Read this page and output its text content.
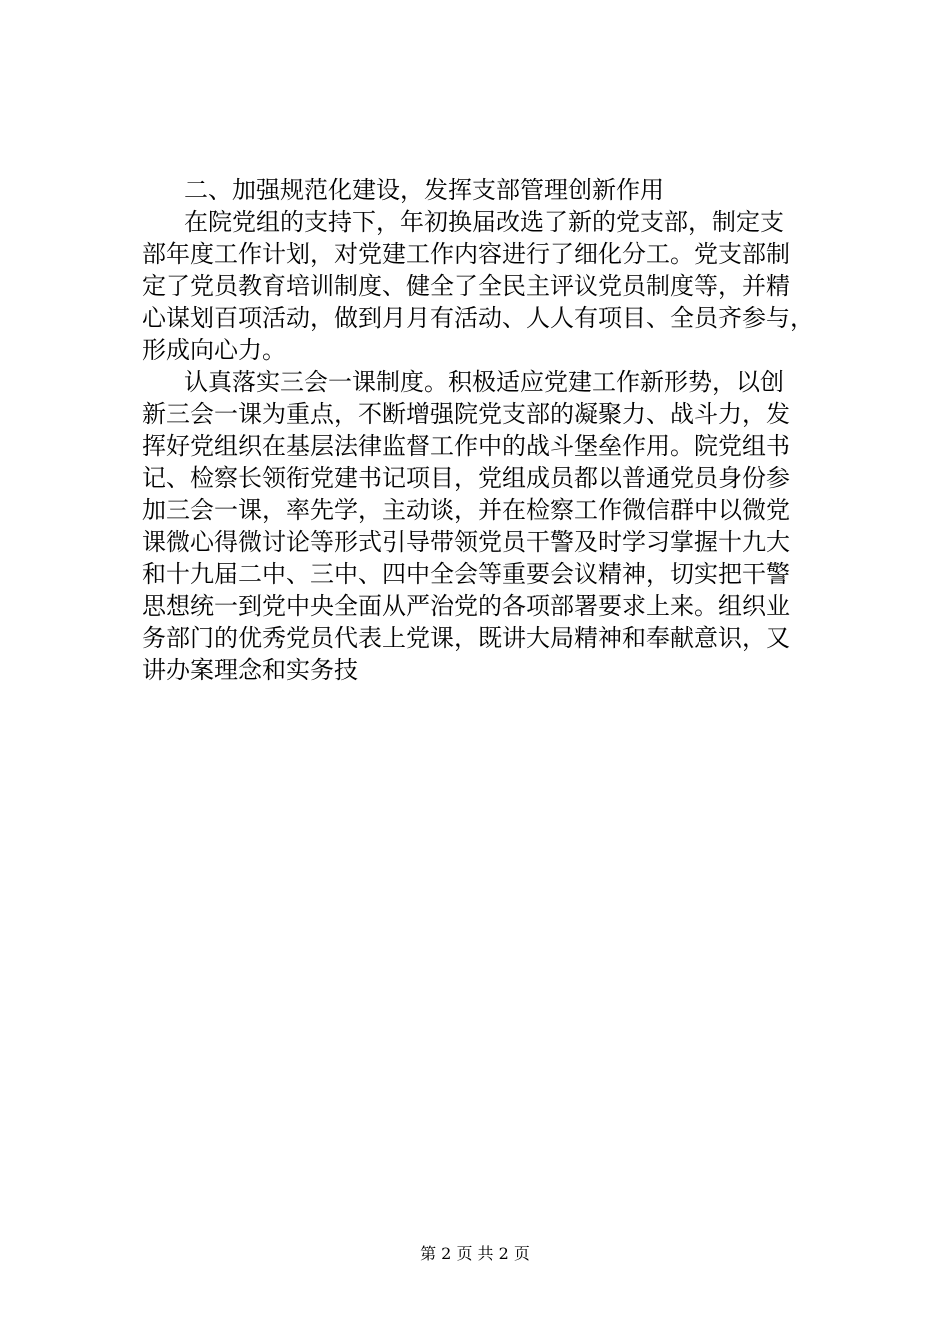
二、加强规范化建设，发挥支部管理创新作用
在院党组的支持下，年初换届改选了新的党支部，制定支
部年度工作计划，对党建工作内容进行了细化分工。党支部制
定了党员教育培训制度、健全了全民主评议党员制度等，并精
心谋划百项活动，做到月月有活动、人人有项目、全员齐参与，
形成向心力。
认真落实三会一课制度。积极适应党建工作新形势，以创
新三会一课为重点，不断增强院党支部的凝聚力、战斗力，发
挥好党组织在基层法律监督工作中的战斗堡垒作用。院党组书
记、检察长领衔党建书记项目，党组成员都以普通党员身份参
加三会一课，率先学，主动谈，并在检察工作微信群中以微党
课微心得微讨论等形式引导带领党员干警及时学习掌握十九大
和十九届二中、三中、四中全会等重要会议精神，切实把干警
思想统一到党中央全面从严治党的各项部署要求上来。组织业
务部门的优秀党员代表上党课，既讲大局精神和奉献意识，又
讲办案理念和实务技
第 2 页 共 2 页
